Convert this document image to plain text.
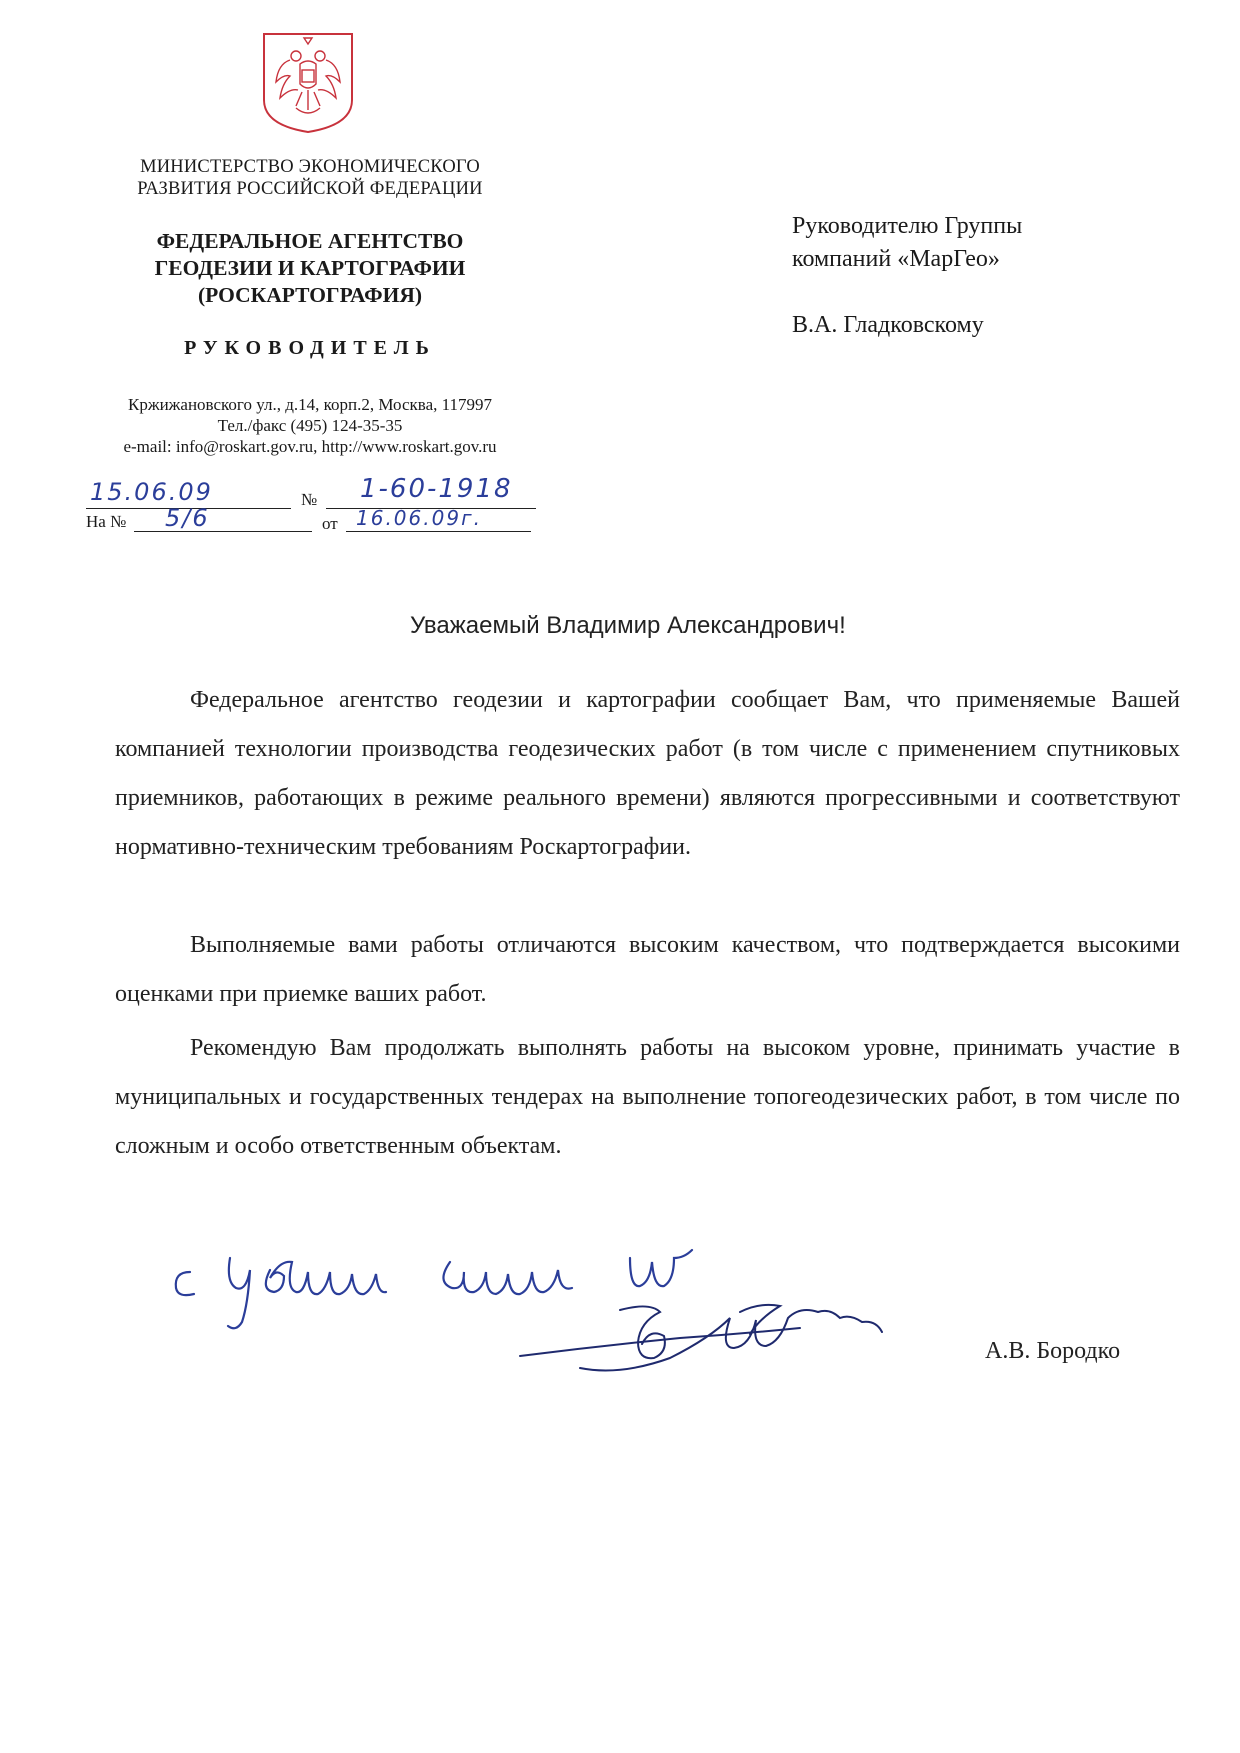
МИНИСТЕРСТВО ЭКОНОМИЧЕСКОГО
РАЗВИТИЯ РОССИЙСКОЙ ФЕДЕРАЦИИ
ФЕДЕРАЛЬНОЕ АГЕНТСТВО
ГЕОДЕЗИИ И КАРТОГРАФИИ
(РОСКАРТОГРАФИЯ)
РУКОВОДИТЕЛЬ
Кржижановского ул., д.14, корп.2, Москва, 117997
Тел./факс (495) 124-35-35
e-mail: info@roskart.gov.ru, http://www.roskart.gov.ru
15.06.09	№ 1-60-1918
На № 5/6	от 16.06.09г.
Руководителю Группы
компаний «МарГео»
В.А. Гладковскому
Уважаемый Владимир Александрович!
Федеральное агентство геодезии и картографии сообщает Вам, что применяемые Вашей компанией технологии производства геодезических работ (в том числе с применением спутниковых приемников, работающих в режиме реального времени) являются прогрессивными и соответствуют нормативно-техническим требованиям Роскартографии.
Выполняемые вами работы отличаются высоким качеством, что подтверждается высокими оценками при приемке ваших работ.
Рекомендую Вам продолжать выполнять работы на высоком уровне, принимать участие в муниципальных и государственных тендерах на выполнение топогеодезических работ, в том числе по сложным и особо ответственным объектам.
А.В. Бородко
